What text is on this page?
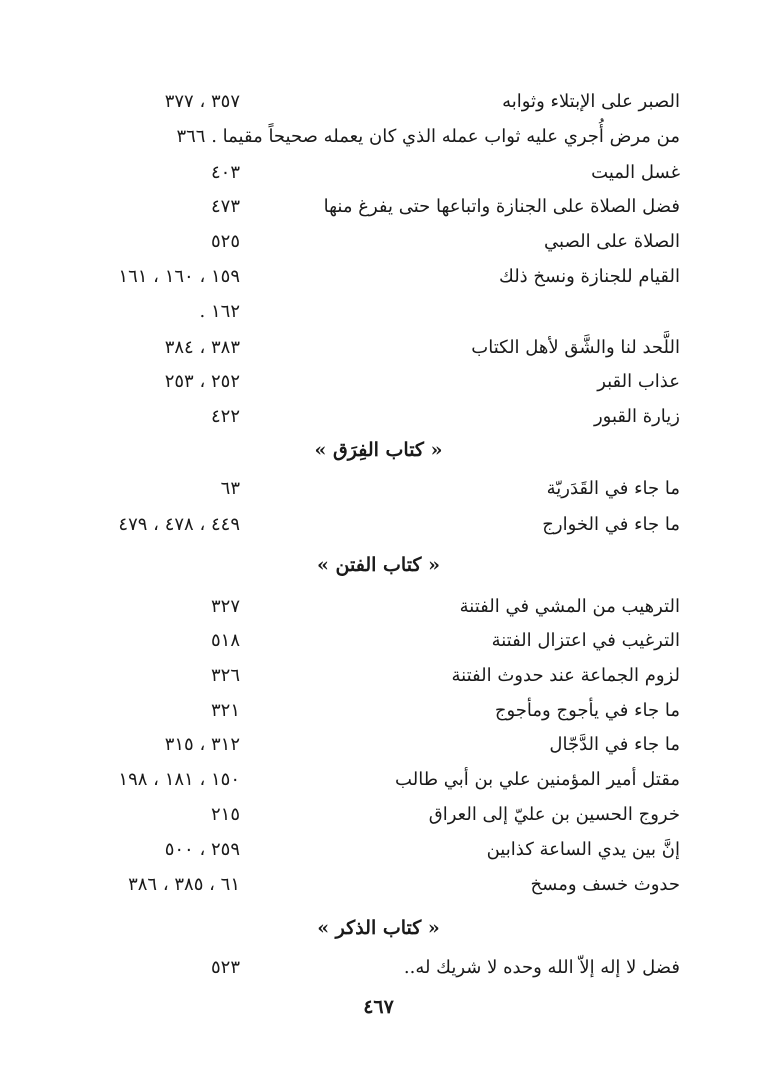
الصبر على الإبتلاء وثوابه
٣٥٧ ، ٣٧٧
من مرض أُجري عليه ثواب عمله الذي كان يعمله صحيحاً مقيما . ٣٦٦
غسل الميت
٤٠٣
فضل الصلاة على الجنازة واتباعها حتى يفرغ منها
٤٧٣
الصلاة على الصبي
٥٢٥
القيام للجنازة ونسخ ذلك
١٥٩ ، ١٦٠ ، ١٦١
١٦٢ .
اللَّحد لنا والشَّق لأهل الكتاب
٣٨٣ ، ٣٨٤
عذاب القبر
٢٥٢ ، ٢٥٣
زيارة القبور
٤٢٢
« كتاب الفِرَق »
ما جاء في القَدَريّة
٦٣
ما جاء في الخوارج
٤٤٩ ، ٤٧٨ ، ٤٧٩
« كتاب الفتن »
الترهيب من المشي في الفتنة
٣٢٧
الترغيب في اعتزال الفتنة
٥١٨
لزوم الجماعة عند حدوث الفتنة
٣٢٦
ما جاء في يأجوج ومأجوج
٣٢١
ما جاء في الدَّجّال
٣١٢ ، ٣١٥
مقتل أمير المؤمنين علي بن أبي طالب
١٥٠ ، ١٨١ ، ١٩٨
خروج الحسين بن عليّ إلى العراق
٢١٥
إنَّ بين يدي الساعة كذابين
٢٥٩ ، ٥٠٠
حدوث خسف ومسخ
٦١ ، ٣٨٥ ، ٣٨٦
« كتاب الذكر »
فضل لا إله إلاّ الله وحده لا شريك له..
٥٢٣
٤٦٧
